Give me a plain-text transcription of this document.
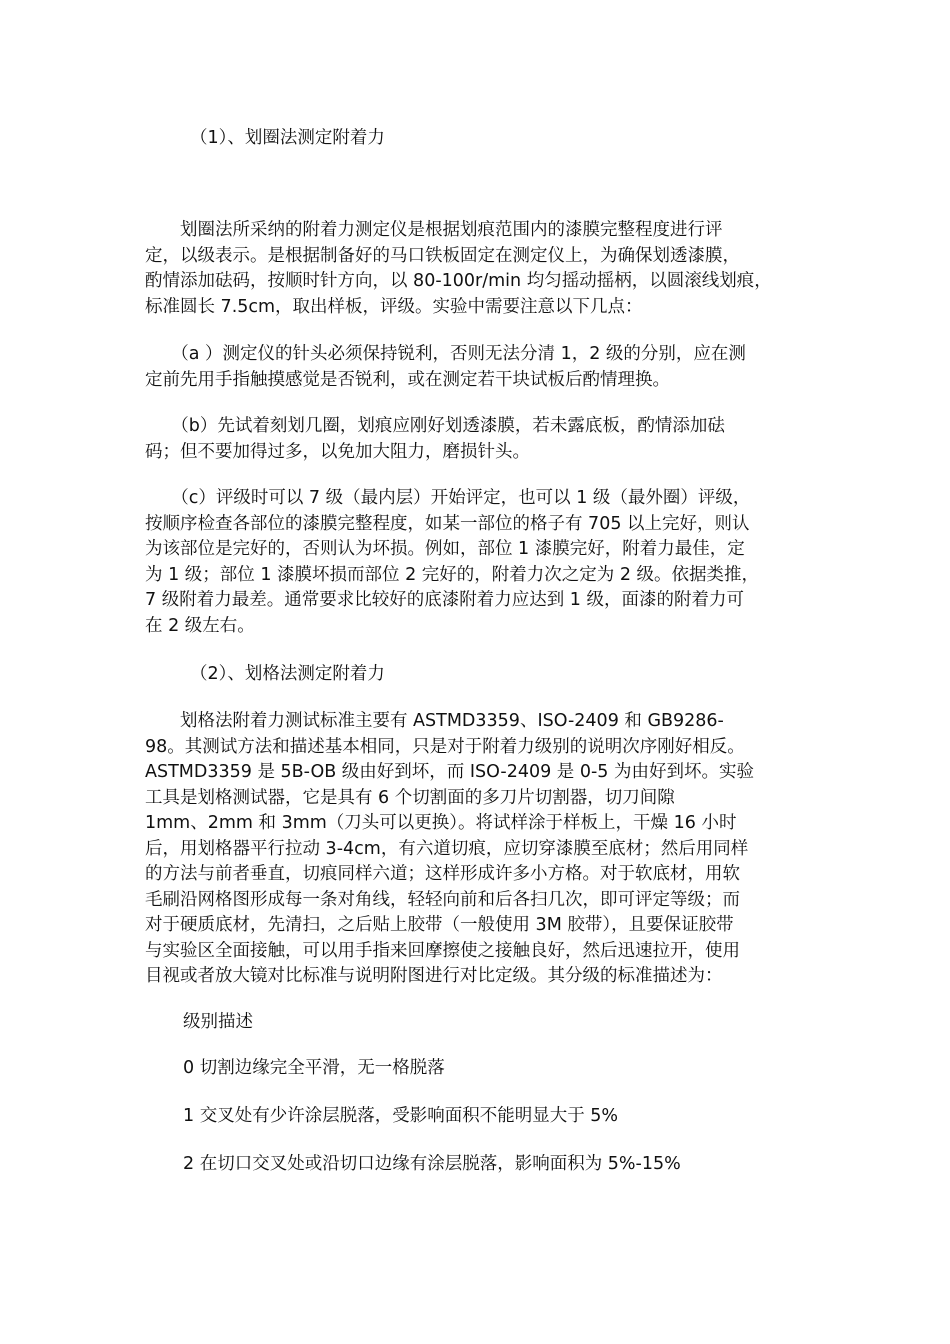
（1）、划圈法测定附着力
　　划圈法所采纳的附着力测定仪是根据划痕范围内的漆膜完整程度进行评
定，以级表示。是根据制备好的马口铁板固定在测定仪上，为确保划透漆膜，
酌情添加砝码，按顺时针方向，以 80-100r/min 均匀摇动摇柄，以圆滚线划痕，
标准圆长 7.5cm，取出样板，评级。实验中需要注意以下几点：
　　（a ）测定仪的针头必须保持锐利，否则无法分清 1，2 级的分别，应在测
定前先用手指触摸感觉是否锐利，或在测定若干块试板后酌情理换。
　　（b）先试着刻划几圈，划痕应刚好划透漆膜，若未露底板，酌情添加砝
码；但不要加得过多，以免加大阻力，磨损针头。
　　（c）评级时可以 7 级（最内层）开始评定，也可以 1 级（最外圈）评级，
按顺序检查各部位的漆膜完整程度，如某一部位的格子有 705 以上完好，则认
为该部位是完好的，否则认为坏损。例如，部位 1 漆膜完好，附着力最佳，定
为 1 级；部位 1 漆膜坏损而部位 2 完好的，附着力次之定为 2 级。依据类推，
7 级附着力最差。通常要求比较好的底漆附着力应达到 1 级，面漆的附着力可
在 2 级左右。
（2）、划格法测定附着力
　　划格法附着力测试标准主要有 ASTMD3359、ISO-2409 和 GB9286-
98。其测试方法和描述基本相同，只是对于附着力级别的说明次序刚好相反。
ASTMD3359 是 5B-OB 级由好到坏，而 ISO-2409 是 0-5 为由好到坏。实验
工具是划格测试器，它是具有 6 个切割面的多刀片切割器，切刀间隙
1mm、2mm 和 3mm（刀头可以更换）。将试样涂于样板上，干燥 16 小时
后，用划格器平行拉动 3-4cm，有六道切痕，应切穿漆膜至底材；然后用同样
的方法与前者垂直，切痕同样六道；这样形成许多小方格。对于软底材，用软
毛刷沿网格图形成每一条对角线，轻轻向前和后各扫几次，即可评定等级；而
对于硬质底材，先清扫，之后贴上胶带（一般使用 3M 胶带），且要保证胶带
与实验区全面接触，可以用手指来回摩擦使之接触良好，然后迅速拉开，使用
目视或者放大镜对比标准与说明附图进行对比定级。其分级的标准描述为：
级别描述
0 切割边缘完全平滑，无一格脱落
1 交叉处有少许涂层脱落，受影响面积不能明显大于 5%
2 在切口交叉处或沿切口边缘有涂层脱落，影响面积为 5%-15%
